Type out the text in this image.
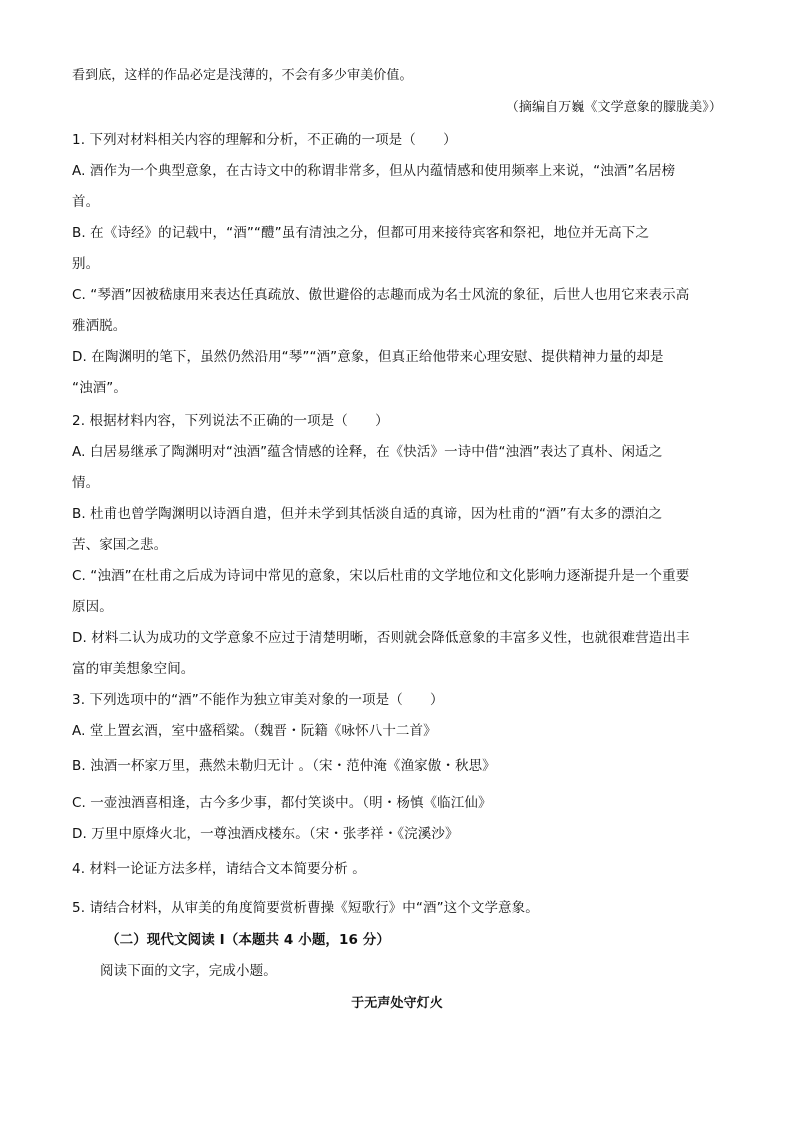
看到底，这样的作品必定是浅薄的，不会有多少审美价值。
（摘编自万巍《文学意象的朦胧美》）
1. 下列对材料相关内容的理解和分析，不正确的一项是（　　）
A. 酒作为一个典型意象，在古诗文中的称谓非常多，但从内蕴情感和使用频率上来说，“浊酒”名居榜
首。
B. 在《诗经》的记载中，“酒”“醴”虽有清浊之分，但都可用来接待宾客和祭祀，地位并无高下之
别。
C. “琴酒”因被嵇康用来表达任真疏放、傲世避俗的志趣而成为名士风流的象征，后世人也用它来表示高
雅洒脱。
D. 在陶渊明的笔下，虽然仍然沿用“琴”“酒”意象，但真正给他带来心理安慰、提供精神力量的却是
“浊酒”。
2. 根据材料内容，下列说法不正确的一项是（　　）
A. 白居易继承了陶渊明对“浊酒”蕴含情感的诠释，在《快活》一诗中借“浊酒”表达了真朴、闲适之
情。
B. 杜甫也曾学陶渊明以诗酒自遣，但并未学到其恬淡自适的真谛，因为杜甫的“酒”有太多的漂泊之
苦、家国之悲。
C. “浊酒”在杜甫之后成为诗词中常见的意象，宋以后杜甫的文学地位和文化影响力逐渐提升是一个重要
原因。
D. 材料二认为成功的文学意象不应过于清楚明晰，否则就会降低意象的丰富多义性，也就很难营造出丰
富的审美想象空间。
3. 下列选项中的“酒”不能作为独立审美对象的一项是（　　）
A. 堂上置玄酒，室中盛稻粱。（魏晋・阮籍《咏怀八十二首》
B. 浊酒一杯家万里，燕然未勒归无计 。（宋・范仲淹《渔家傲・秋思》
C. 一壶浊酒喜相逢，古今多少事，都付笑谈中。（明・杨慎《临江仙》
D. 万里中原烽火北，一尊浊酒戍楼东。（宋・张孝祥・《浣溪沙》
4. 材料一论证方法多样，请结合文本简要分析 。
5. 请结合材料，从审美的角度简要赏析曹操《短歌行》中“酒”这个文学意象。
（二）现代文阅读 I（本题共 4 小题，16 分）
阅读下面的文字，完成小题。
于无声处守灯火
